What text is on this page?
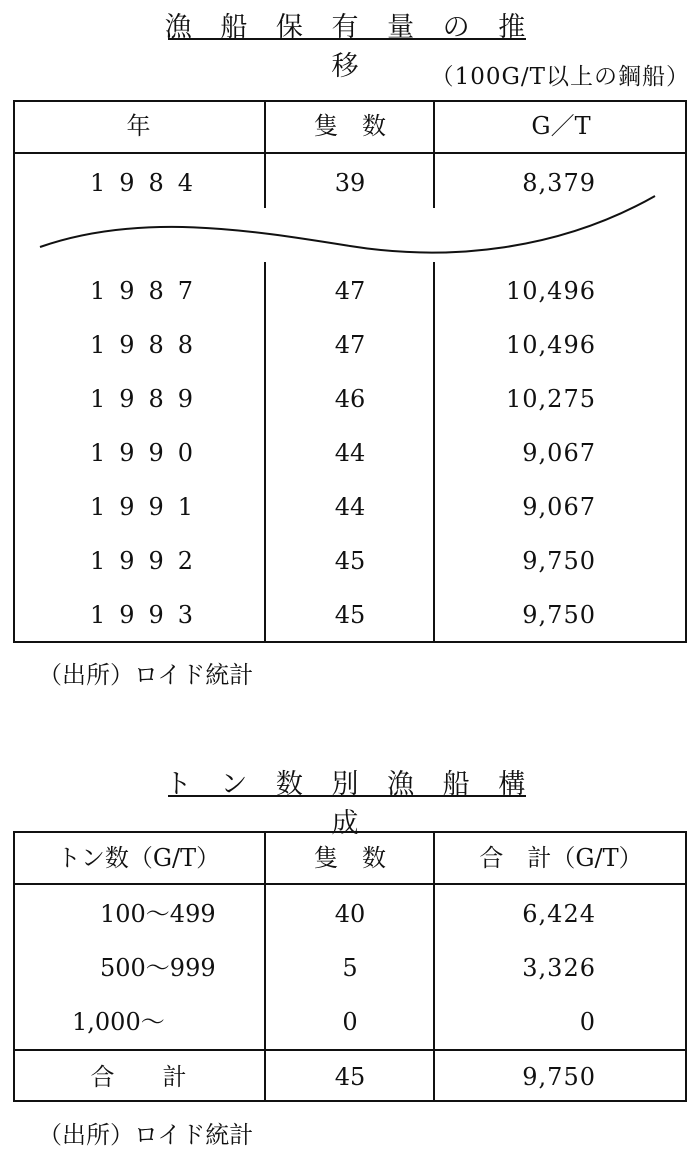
漁 船 保 有 量 の 推 移	（100G/T以上の鋼船）
年	隻　数	G／T
1984	39	8,379
1987	47	10,496
1988	47	10,496
1989	46	10,275
1990	44	9,067
1991	44	9,067
1992	45	9,750
1993	45	9,750
（出所）ロイド統計
ト ン 数 別 漁 船 構 成
トン数（G/T）	隻　数	合　計（G/T）
100〜499	40	6,424
500〜999	5	3,326
1,000〜	0	0
合　　計	45	9,750
（出所）ロイド統計
